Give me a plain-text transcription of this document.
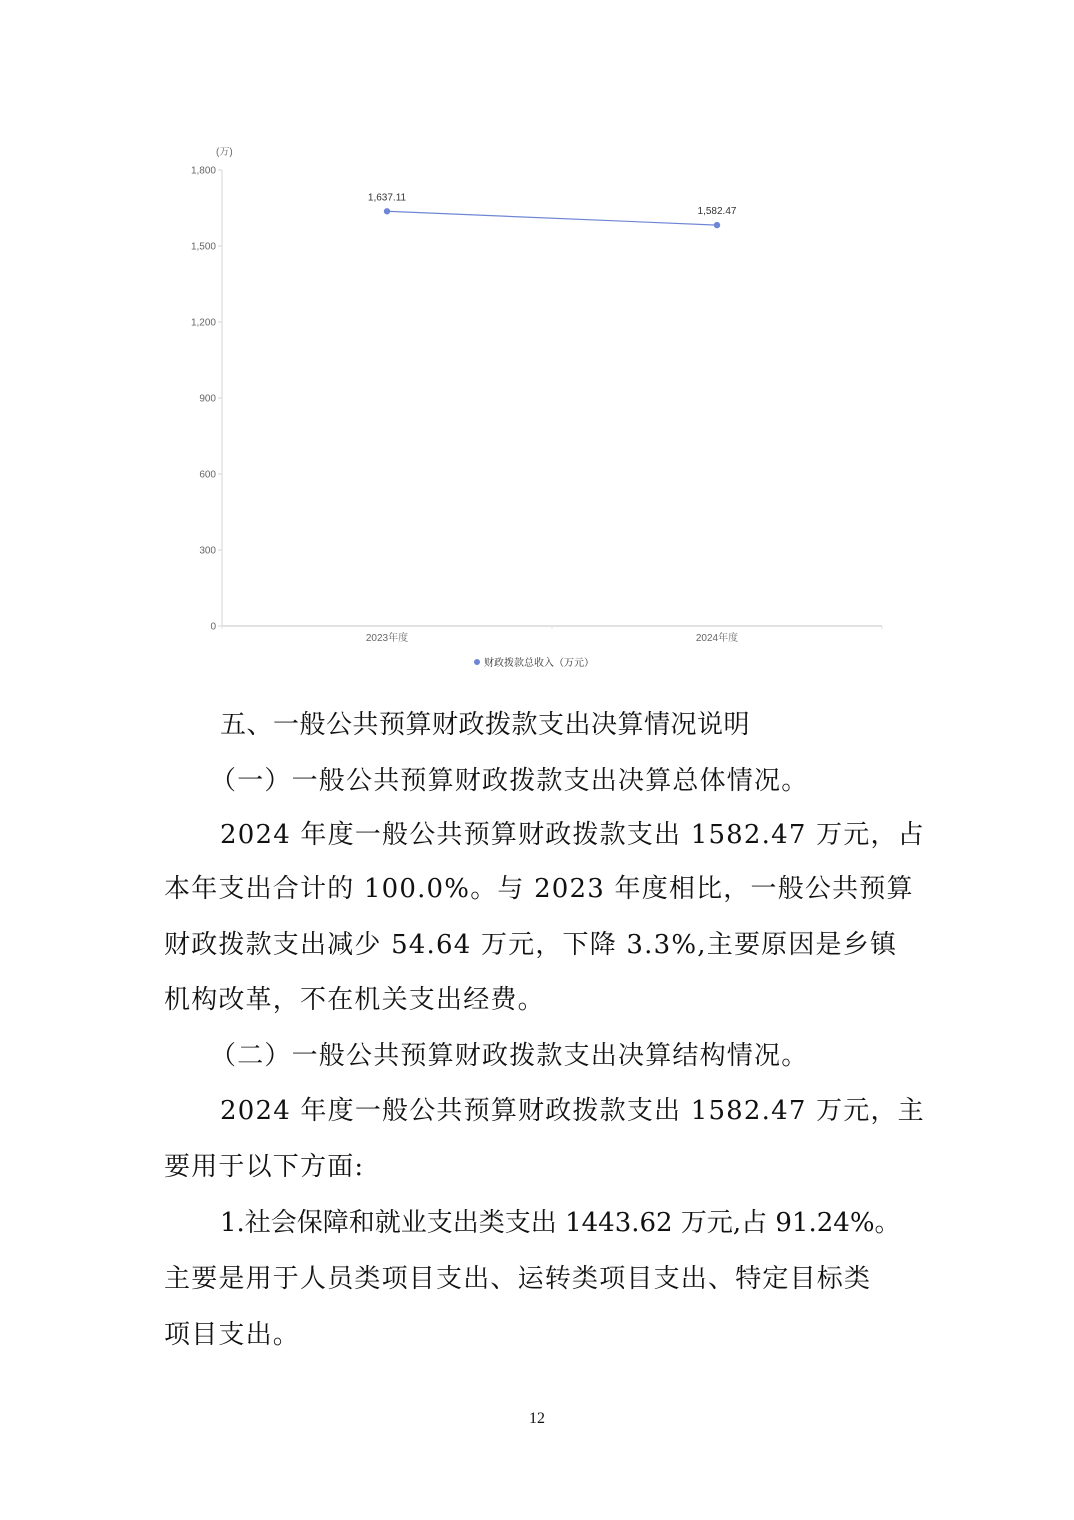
(万)
0
300
600
900
1,200
1,500
1,800
2023年度	2024年度
1,637.11
1,582.47
财政拨款总收入（万元）
五、一般公共预算财政拨款支出决算情况说明
（一）一般公共预算财政拨款支出决算总体情况。
2024 年度一般公共预算财政拨款支出 1582.47 万元，占
本年支出合计的 100.0%。与 2023 年度相比，一般公共预算
财政拨款支出减少 54.64 万元，下降 3.3%,主要原因是乡镇
机构改革，不在机关支出经费。
（二）一般公共预算财政拨款支出决算结构情况。
2024 年度一般公共预算财政拨款支出 1582.47 万元，主
要用于以下方面:
1.社会保障和就业支出类支出 1443.62 万元,占 91.24%。
主要是用于人员类项目支出、运转类项目支出、特定目标类
项目支出。
12
